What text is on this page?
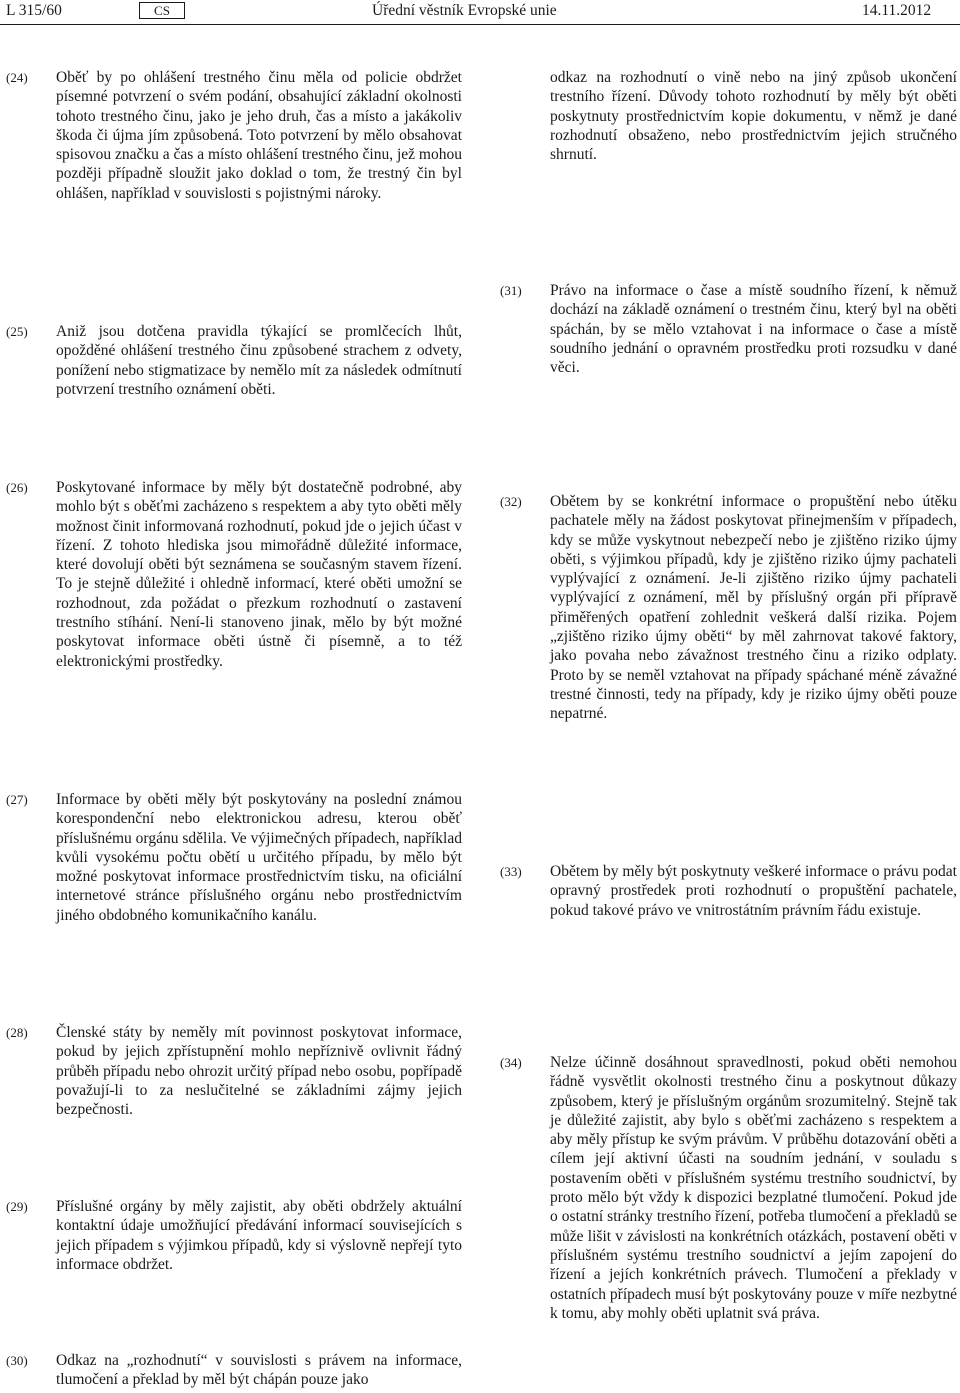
L 315/60	CS	Úřední věstník Evropské unie	14.11.2012
(24) Oběť by po ohlášení trestného činu měla od policie obdržet písemné potvrzení o svém podání, obsahující základní okolnosti tohoto trestného činu, jako je jeho druh, čas a místo a jakákoliv škoda či újma jím způsobená. Toto potvrzení by mělo obsahovat spisovou značku a čas a místo ohlášení trestného činu, jež mohou později případně sloužit jako doklad o tom, že trestný čin byl ohlášen, například v souvislosti s pojistnými nároky.
(25) Aniž jsou dotčena pravidla týkající se promlčecích lhůt, opožděné ohlášení trestného činu způsobené strachem z odvety, ponížení nebo stigmatizace by nemělo mít za následek odmítnutí potvrzení trestního oznámení oběti.
(26) Poskytované informace by měly být dostatečně podrobné, aby mohlo být s oběťmi zacházeno s respektem a aby tyto oběti měly možnost činit informovaná rozhodnutí, pokud jde o jejich účast v řízení. Z tohoto hlediska jsou mimořádně důležité informace, které dovolují oběti být seznámena se současným stavem řízení. To je stejně důležité i ohledně informací, které oběti umožní se rozhodnout, zda požádat o přezkum rozhodnutí o zastavení trestního stíhání. Není-li stanoveno jinak, mělo by být možné poskytovat informace oběti ústně či písemně, a to též elektronickými prostředky.
(27) Informace by oběti měly být poskytovány na poslední známou korespondenční nebo elektronickou adresu, kterou oběť příslušnému orgánu sdělila. Ve výjimečných případech, například kvůli vysokému počtu obětí u určitého případu, by mělo být možné poskytovat informace prostřednictvím tisku, na oficiální internetové stránce příslušného orgánu nebo prostřednictvím jiného obdobného komunikačního kanálu.
(28) Členské státy by neměly mít povinnost poskytovat informace, pokud by jejich zpřístupnění mohlo nepříznivě ovlivnit řádný průběh případu nebo ohrozit určitý případ nebo osobu, popřípadě považují-li to za neslučitelné se základními zájmy jejich bezpečnosti.
(29) Příslušné orgány by měly zajistit, aby oběti obdržely aktuální kontaktní údaje umožňující předávání informací souvisejících s jejich případem s výjimkou případů, kdy si výslovně nepřejí tyto informace obdržet.
(30) Odkaz na „rozhodnutí“ v souvislosti s právem na informace, tlumočení a překlad by měl být chápán pouze jako
odkaz na rozhodnutí o vině nebo na jiný způsob ukončení trestního řízení. Důvody tohoto rozhodnutí by měly být oběti poskytnuty prostřednictvím kopie dokumentu, v němž je dané rozhodnutí obsaženo, nebo prostřednictvím jejich stručného shrnutí.
(31) Právo na informace o čase a místě soudního řízení, k němuž dochází na základě oznámení o trestném činu, který byl na oběti spáchán, by se mělo vztahovat i na informace o čase a místě soudního jednání o opravném prostředku proti rozsudku v dané věci.
(32) Obětem by se konkrétní informace o propuštění nebo útěku pachatele měly na žádost poskytovat přinejmenším v případech, kdy se může vyskytnout nebezpečí nebo je zjištěno riziko újmy oběti, s výjimkou případů, kdy je zjištěno riziko újmy pachateli vyplývající z oznámení. Je-li zjištěno riziko újmy pachateli vyplývající z oznámení, měl by příslušný orgán při přípravě přiměřených opatření zohlednit veškerá další rizika. Pojem „zjištěno riziko újmy oběti“ by měl zahrnovat takové faktory, jako povaha nebo závažnost trestného činu a riziko odplaty. Proto by se neměl vztahovat na případy spáchané méně závažné trestné činnosti, tedy na případy, kdy je riziko újmy oběti pouze nepatrné.
(33) Obětem by měly být poskytnuty veškeré informace o právu podat opravný prostředek proti rozhodnutí o propuštění pachatele, pokud takové právo ve vnitrostátním právním řádu existuje.
(34) Nelze účinně dosáhnout spravedlnosti, pokud oběti nemohou řádně vysvětlit okolnosti trestného činu a poskytnout důkazy způsobem, který je příslušným orgánům srozumitelný. Stejně tak je důležité zajistit, aby bylo s oběťmi zacházeno s respektem a aby měly přístup ke svým právům. V průběhu dotazování oběti a cílem její aktivní účasti na soudním jednání, v souladu s postavením oběti v příslušném systému trestního soudnictví, by proto mělo být vždy k dispozici bezplatné tlumočení. Pokud jde o ostatní stránky trestního řízení, potřeba tlumočení a překladů se může lišit v závislosti na konkrétních otázkách, postavení oběti v příslušném systému trestního soudnictví a jejím zapojení do řízení a jejích konkrétních právech. Tlumočení a překlady v ostatních případech musí být poskytovány pouze v míře nezbytné k tomu, aby mohly oběti uplatnit svá práva.
